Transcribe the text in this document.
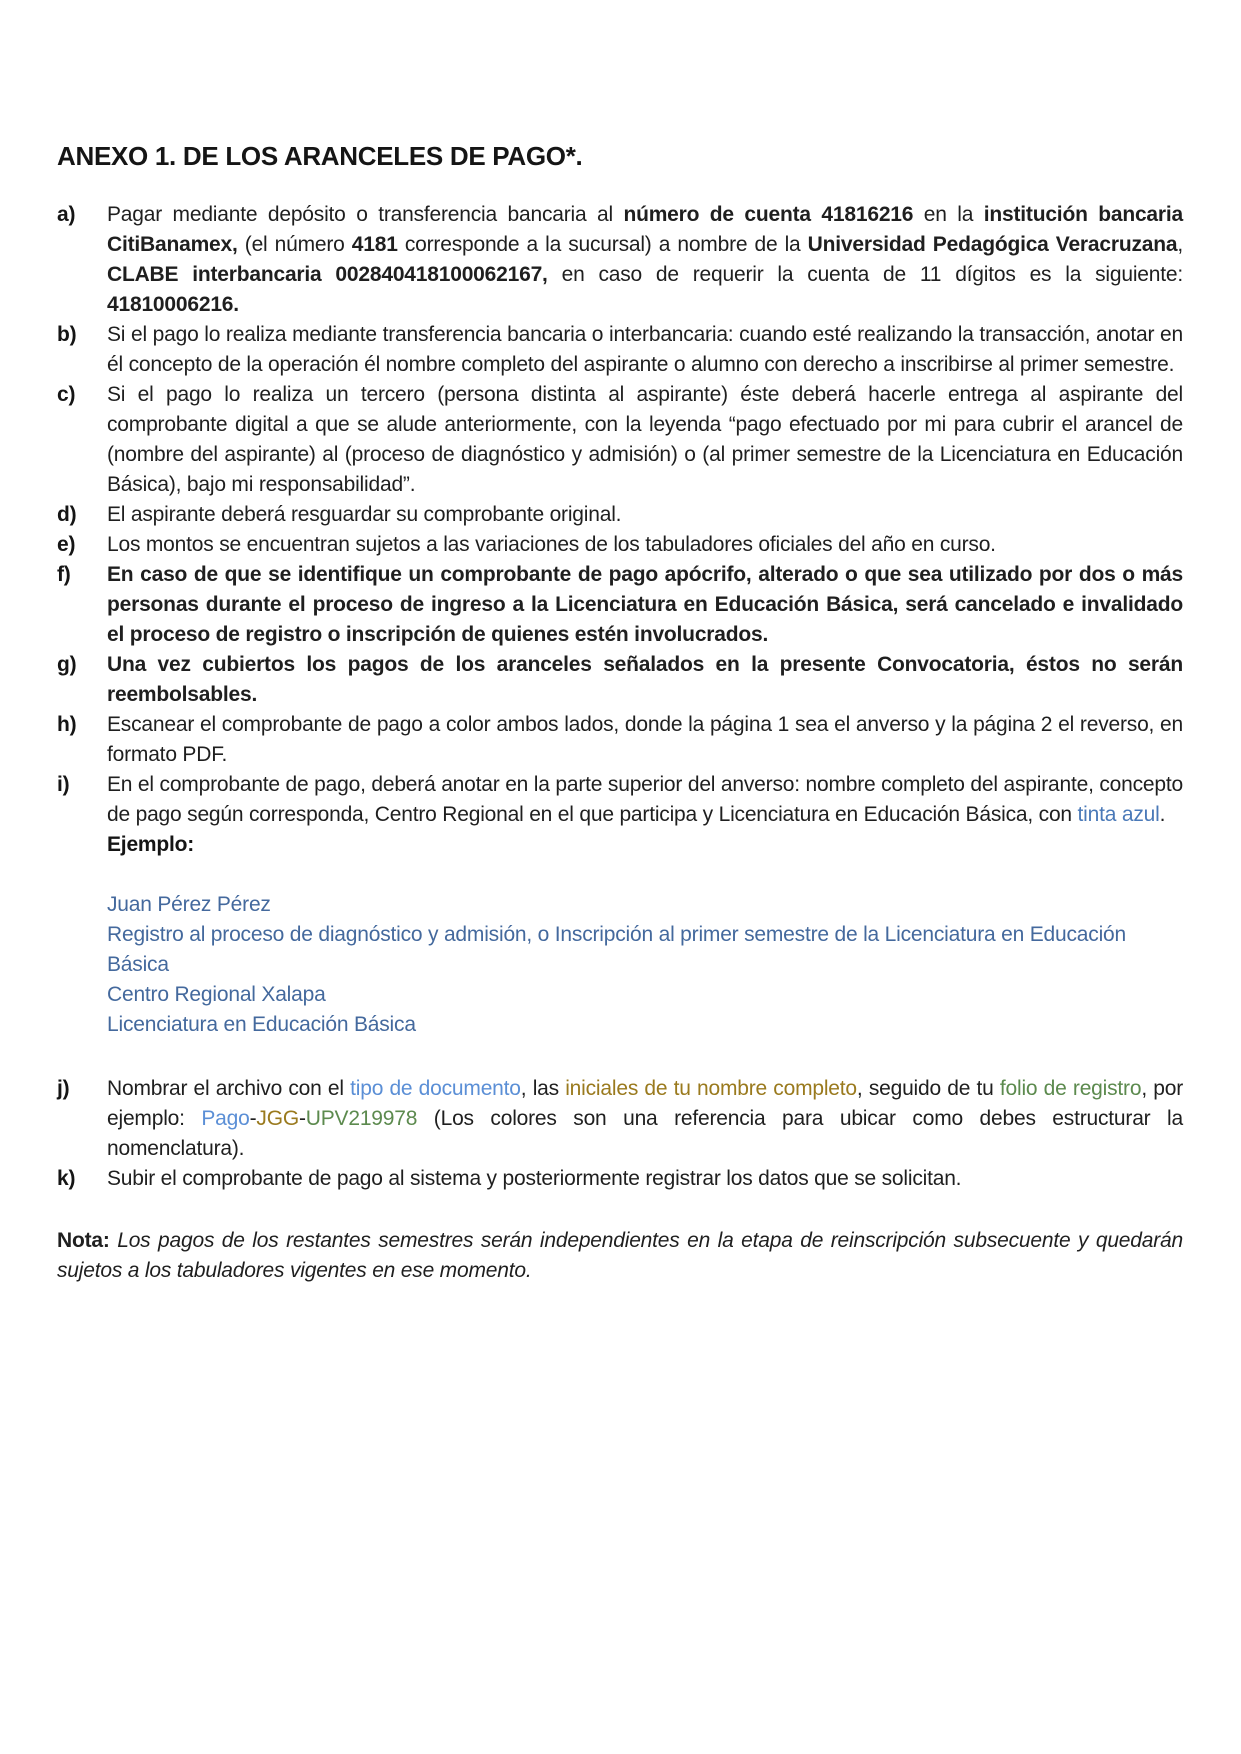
ANEXO 1. DE LOS ARANCELES DE PAGO*.
a)	Pagar mediante depósito o transferencia bancaria al número de cuenta 41816216 en la institución bancaria CitiBanamex, (el número 4181 corresponde a la sucursal) a nombre de la Universidad Pedagógica Veracruzana, CLABE interbancaria 002840418100062167, en caso de requerir la cuenta de 11 dígitos es la siguiente: 41810006216.
b)	Si el pago lo realiza mediante transferencia bancaria o interbancaria: cuando esté realizando la transacción, anotar en él concepto de la operación él nombre completo del aspirante o alumno con derecho a inscribirse al primer semestre.
c)	Si el pago lo realiza un tercero (persona distinta al aspirante) éste deberá hacerle entrega al aspirante del comprobante digital a que se alude anteriormente, con la leyenda “pago efectuado por mi para cubrir el arancel de (nombre del aspirante) al (proceso de diagnóstico y admisión) o (al primer semestre de la Licenciatura en Educación Básica), bajo mi responsabilidad”.
d)	El aspirante deberá resguardar su comprobante original.
e)	Los montos se encuentran sujetos a las variaciones de los tabuladores oficiales del año en curso.
f)	En caso de que se identifique un comprobante de pago apócrifo, alterado o que sea utilizado por dos o más personas durante el proceso de ingreso a la Licenciatura en Educación Básica, será cancelado e invalidado el proceso de registro o inscripción de quienes estén involucrados.
g)	Una vez cubiertos los pagos de los aranceles señalados en la presente Convocatoria, éstos no serán reembolsables.
h)	Escanear el comprobante de pago a color ambos lados, donde la página 1 sea el anverso y la página 2 el reverso, en formato PDF.
i)	En el comprobante de pago, deberá anotar en la parte superior del anverso: nombre completo del aspirante, concepto de pago según corresponda, Centro Regional en el que participa y Licenciatura en Educación Básica, con tinta azul.
Ejemplo:
Juan Pérez Pérez
Registro al proceso de diagnóstico y admisión, o Inscripción al primer semestre de la Licenciatura en Educación Básica
Centro Regional Xalapa
Licenciatura en Educación Básica
j)	Nombrar el archivo con el tipo de documento, las iniciales de tu nombre completo, seguido de tu folio de registro, por ejemplo: Pago-JGG-UPV219978 (Los colores son una referencia para ubicar como debes estructurar la nomenclatura).
k)	Subir el comprobante de pago al sistema y posteriormente registrar los datos que se solicitan.
Nota: Los pagos de los restantes semestres serán independientes en la etapa de reinscripción subsecuente y quedarán sujetos a los tabuladores vigentes en ese momento.
